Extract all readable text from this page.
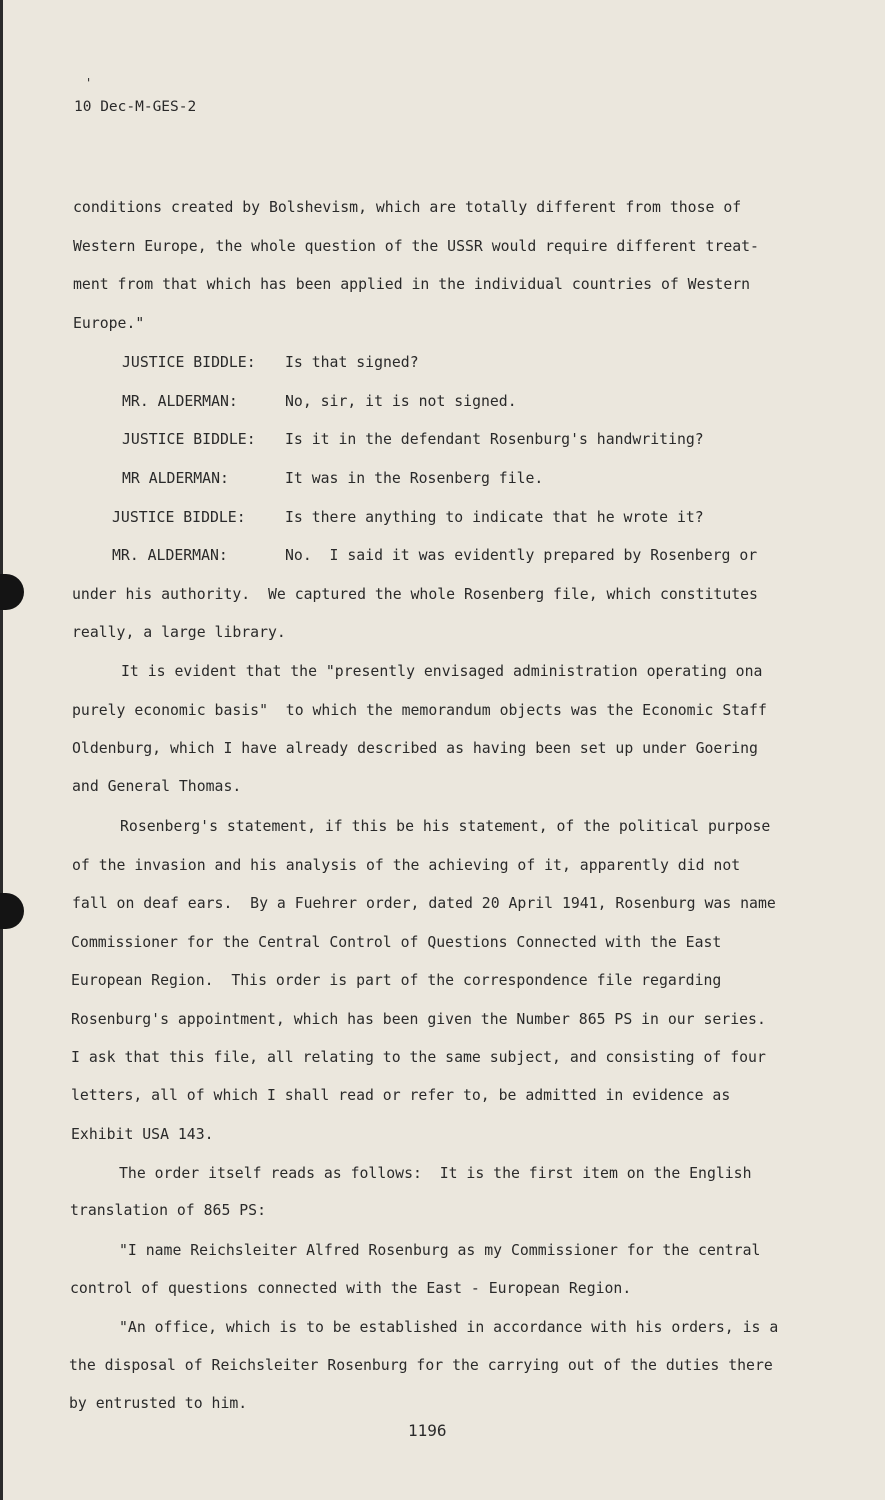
'
10 Dec-M-GES-2
conditions created by Bolshevism, which are totally different from those of
Western Europe, the whole question of the USSR would require different treat-
ment from that which has been applied in the individual countries of Western
Europe."
JUSTICE BIDDLE: Is that signed?
MR. ALDERMAN:	No, sir, it is not signed.
JUSTICE BIDDLE: Is it in the defendant Rosenburg's handwriting?
MR ALDERMAN:	It was in the Rosenberg file.
JUSTICE BIDDLE:	Is there anything to indicate that he wrote it?
MR. ALDERMAN:	No.  I said it was evidently prepared by Rosenberg or
under his authority.  We captured the whole Rosenberg file, which constitutes
really, a large library.
It is evident that the "presently envisaged administration operating ona
purely economic basis"  to which the memorandum objects was the Economic Staff
Oldenburg, which I have already described as having been set up under Goering
and General Thomas.
Rosenberg's statement, if this be his statement, of the political purpose
of the invasion and his analysis of the achieving of it, apparently did not
fall on deaf ears.  By a Fuehrer order, dated 20 April 1941, Rosenburg was name
Commissioner for the Central Control of Questions Connected with the East
European Region.  This order is part of the correspondence file regarding
Rosenburg's appointment, which has been given the Number 865 PS in our series.
I ask that this file, all relating to the same subject, and consisting of four
letters, all of which I shall read or refer to, be admitted in evidence as
Exhibit USA 143.
The order itself reads as follows:  It is the first item on the English
translation of 865 PS:
"I name Reichsleiter Alfred Rosenburg as my Commissioner for the central
control of questions connected with the East - European Region.
"An office, which is to be established in accordance with his orders, is a
the disposal of Reichsleiter Rosenburg for the carrying out of the duties there
by entrusted to him.
1196
